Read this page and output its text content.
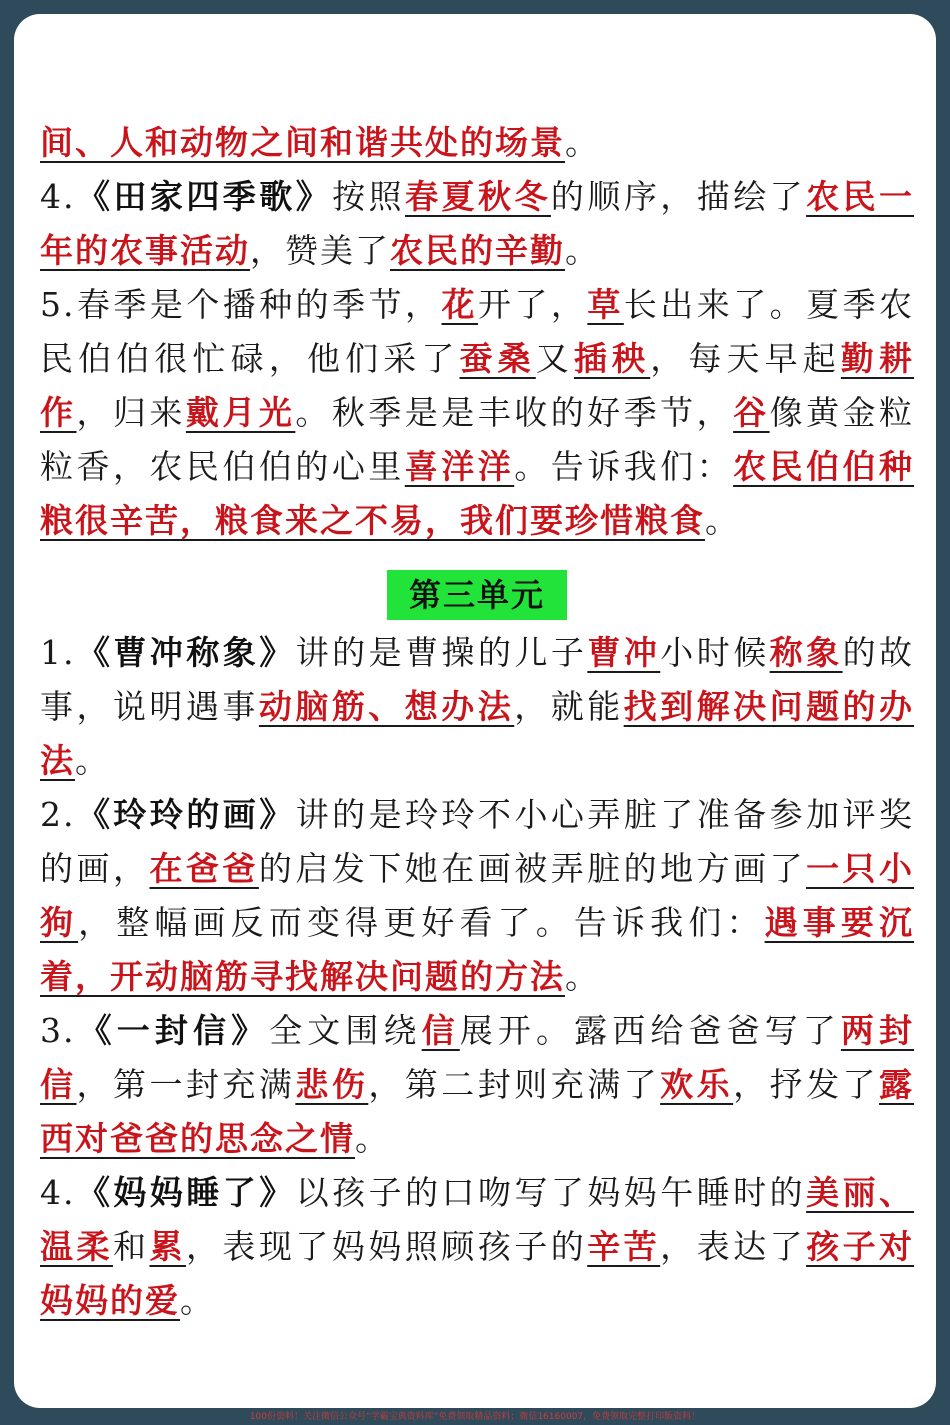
间、人和动物之间和谐共处的场景。

4.《田家四季歌》按照春夏秋冬的顺序，描绘了农民一年的农事活动，赞美了农民的辛勤。

5.春季是个播种的季节，花开了，草长出来了。夏季农民伯伯很忙碌，他们采了蚕桑又插秧，每天早起勤耕作，归来戴月光。秋季是是丰收的好季节，谷像黄金粒粒香，农民伯伯的心里喜洋洋。告诉我们：农民伯伯种粮很辛苦，粮食来之不易，我们要珍惜粮食。

第三单元

1.《曹冲称象》讲的是曹操的儿子曹冲小时候称象的故事，说明遇事动脑筋、想办法，就能找到解决问题的办法。

2.《玲玲的画》讲的是玲玲不小心弄脏了准备参加评奖的画，在爸爸的启发下她在画被弄脏的地方画了一只小狗，整幅画反而变得更好看了。告诉我们：遇事要沉着，开动脑筋寻找解决问题的方法。

3.《一封信》全文围绕信展开。露西给爸爸写了两封信，第一封充满悲伤，第二封则充满了欢乐，抒发了露西对爸爸的思念之情。

4.《妈妈睡了》以孩子的口吻写了妈妈午睡时的美丽、温柔和累，表现了妈妈照顾孩子的辛苦，表达了孩子对妈妈的爱。

100份资料！关注微信公众号“学霸宝典资料库”免费领取精品资料；微信16160007，免费领取完整打印版资料！
